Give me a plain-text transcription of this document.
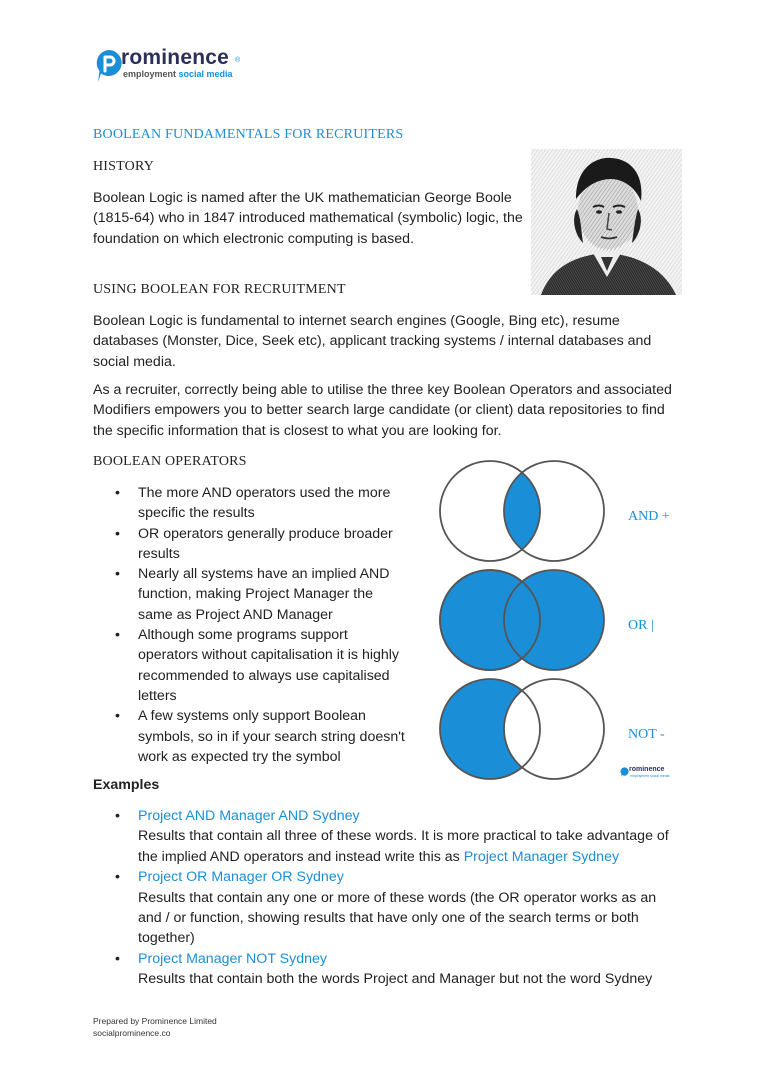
rominence ®
employment social media
BOOLEAN FUNDAMENTALS FOR RECRUITERS
HISTORY
Boolean Logic is named after the UK mathematician George Boole (1815-64) who in 1847 introduced mathematical (symbolic) logic, the foundation on which electronic computing is based.
USING BOOLEAN FOR RECRUITMENT
Boolean Logic is fundamental to internet search engines (Google, Bing etc), resume databases (Monster, Dice, Seek etc), applicant tracking systems / internal databases and social media.
As a recruiter, correctly being able to utilise the three key Boolean Operators and associated Modifiers empowers you to better search large candidate (or client) data repositories to find the specific information that is closest to what you are looking for.
BOOLEAN OPERATORS
• The more AND operators used the more specific the results
• OR operators generally produce broader results
• Nearly all systems have an implied AND function, making Project Manager the same as Project AND Manager
• Although some programs support operators without capitalisation it is highly recommended to always use capitalised letters
• A few systems only support Boolean symbols, so in if your search string doesn't work as expected try the symbol
AND +
OR |
NOT -
rominence
employment social media
Examples
• Project AND Manager AND Sydney
Results that contain all three of these words. It is more practical to take advantage of the implied AND operators and instead write this as Project Manager Sydney
• Project OR Manager OR Sydney
Results that contain any one or more of these words (the OR operator works as an and / or function, showing results that have only one of the search terms or both together)
• Project Manager NOT Sydney
Results that contain both the words Project and Manager but not the word Sydney
Prepared by Prominence Limited
socialprominence.co
